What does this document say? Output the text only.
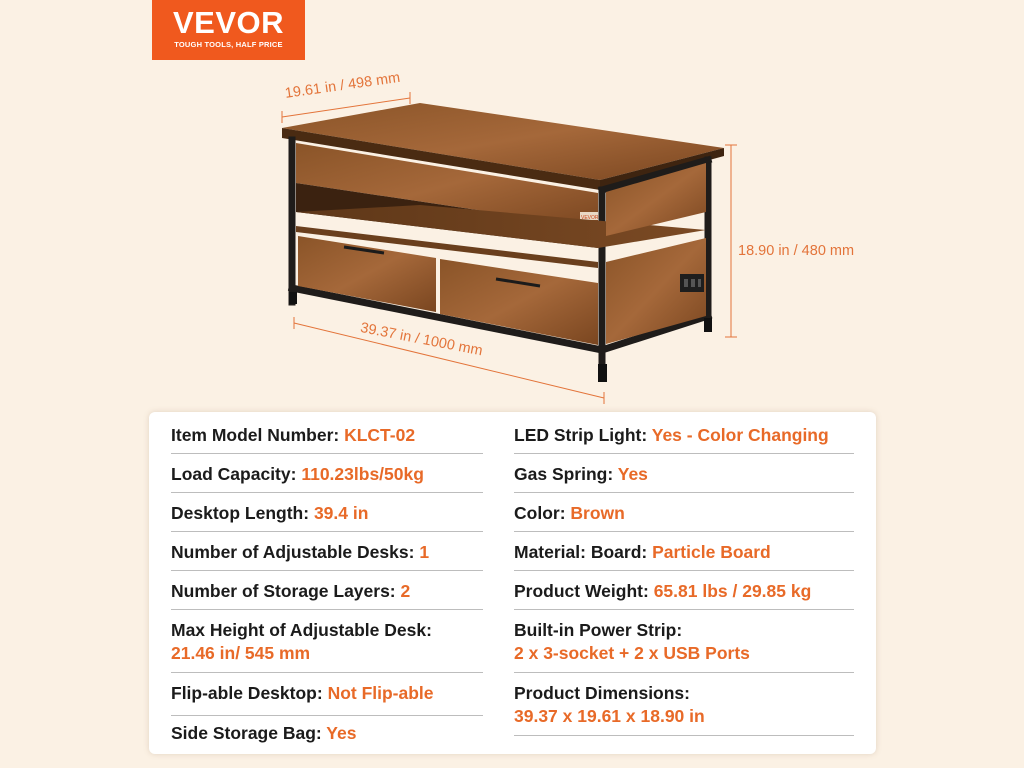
VEVOR
TOUGH TOOLS, HALF PRICE
VEVOR
19.61 in / 498 mm
18.90 in / 480 mm
39.37 in / 1000 mm
Item Model Number: KLCT-02
Load Capacity: 110.23lbs/50kg
Desktop Length: 39.4 in
Number of Adjustable Desks: 1
Number of Storage Layers: 2
Max Height of Adjustable Desk:
21.46 in/ 545 mm
Flip-able Desktop: Not Flip-able
Side Storage Bag: Yes
LED Strip Light: Yes - Color Changing
Gas Spring: Yes
Color: Brown
Material: Board: Particle Board
Product Weight: 65.81 lbs / 29.85 kg
Built-in Power Strip:
2 x 3-socket + 2 x USB Ports
Product Dimensions:
39.37 x 19.61 x 18.90 in
